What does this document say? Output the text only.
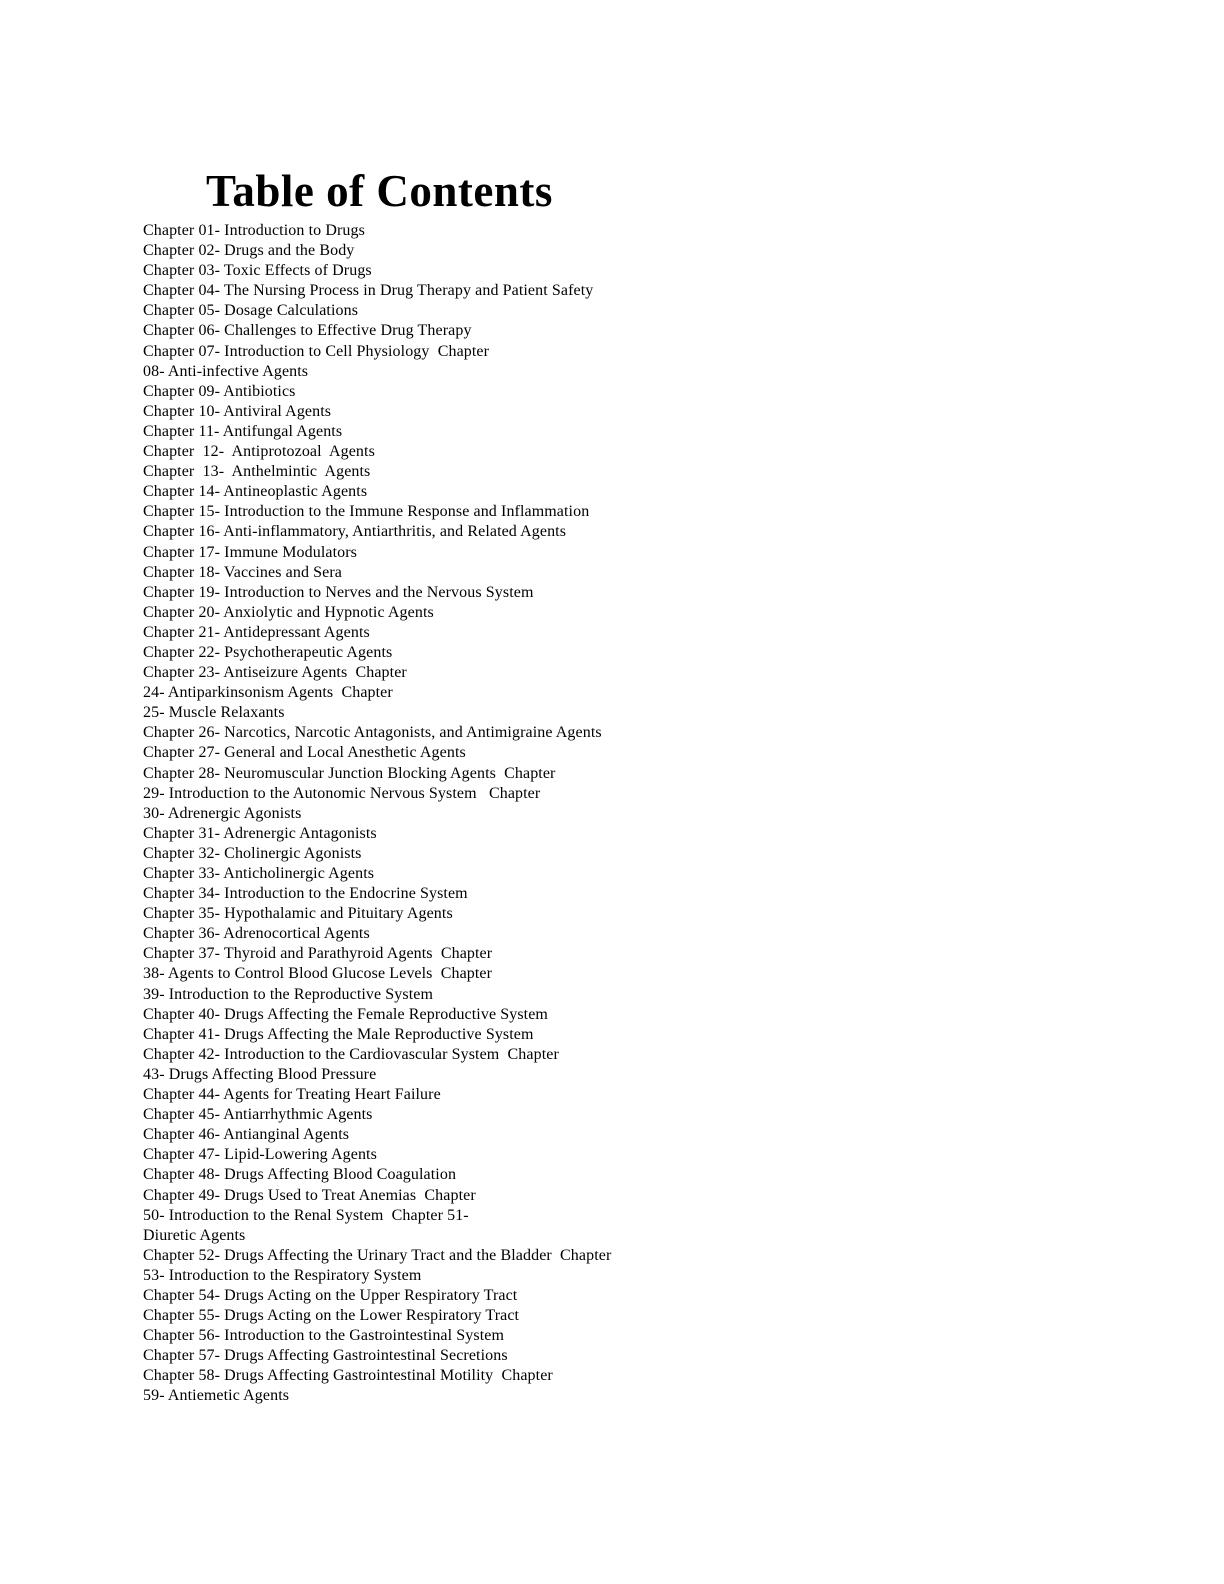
Table of Contents
Chapter 01- Introduction to Drugs
Chapter 02- Drugs and the Body
Chapter 03- Toxic Effects of Drugs
Chapter 04- The Nursing Process in Drug Therapy and Patient Safety
Chapter 05- Dosage Calculations
Chapter 06- Challenges to Effective Drug Therapy
Chapter 07- Introduction to Cell Physiology  Chapter
08- Anti-infective Agents
Chapter 09- Antibiotics
Chapter 10- Antiviral Agents
Chapter 11- Antifungal Agents
Chapter  12-  Antiprotozoal  Agents
Chapter  13-  Anthelmintic  Agents
Chapter 14- Antineoplastic Agents
Chapter 15- Introduction to the Immune Response and Inflammation
Chapter 16- Anti-inflammatory, Antiarthritis, and Related Agents
Chapter 17- Immune Modulators
Chapter 18- Vaccines and Sera
Chapter 19- Introduction to Nerves and the Nervous System
Chapter 20- Anxiolytic and Hypnotic Agents
Chapter 21- Antidepressant Agents
Chapter 22- Psychotherapeutic Agents
Chapter 23- Antiseizure Agents  Chapter
24- Antiparkinsonism Agents  Chapter
25- Muscle Relaxants
Chapter 26- Narcotics, Narcotic Antagonists, and Antimigraine Agents
Chapter 27- General and Local Anesthetic Agents
Chapter 28- Neuromuscular Junction Blocking Agents  Chapter
29- Introduction to the Autonomic Nervous System   Chapter
30- Adrenergic Agonists
Chapter 31- Adrenergic Antagonists
Chapter 32- Cholinergic Agonists
Chapter 33- Anticholinergic Agents
Chapter 34- Introduction to the Endocrine System
Chapter 35- Hypothalamic and Pituitary Agents
Chapter 36- Adrenocortical Agents
Chapter 37- Thyroid and Parathyroid Agents  Chapter
38- Agents to Control Blood Glucose Levels  Chapter
39- Introduction to the Reproductive System
Chapter 40- Drugs Affecting the Female Reproductive System
Chapter 41- Drugs Affecting the Male Reproductive System
Chapter 42- Introduction to the Cardiovascular System  Chapter
43- Drugs Affecting Blood Pressure
Chapter 44- Agents for Treating Heart Failure
Chapter 45- Antiarrhythmic Agents
Chapter 46- Antianginal Agents
Chapter 47- Lipid-Lowering Agents
Chapter 48- Drugs Affecting Blood Coagulation
Chapter 49- Drugs Used to Treat Anemias  Chapter
50- Introduction to the Renal System  Chapter 51-
Diuretic Agents
Chapter 52- Drugs Affecting the Urinary Tract and the Bladder  Chapter
53- Introduction to the Respiratory System
Chapter 54- Drugs Acting on the Upper Respiratory Tract
Chapter 55- Drugs Acting on the Lower Respiratory Tract
Chapter 56- Introduction to the Gastrointestinal System
Chapter 57- Drugs Affecting Gastrointestinal Secretions
Chapter 58- Drugs Affecting Gastrointestinal Motility  Chapter
59- Antiemetic Agents
